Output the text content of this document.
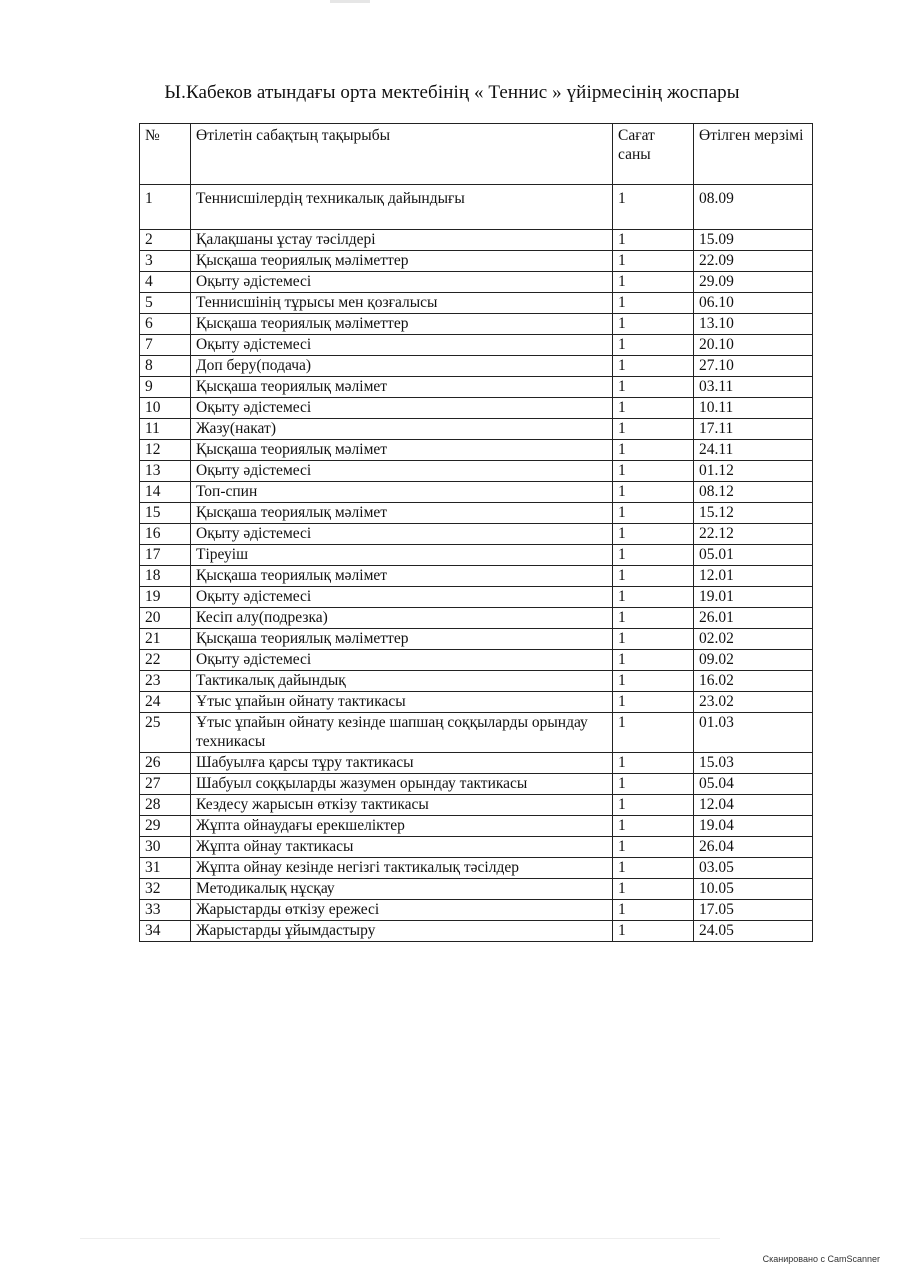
Ы.Кабеков атындағы орта мектебінің « Теннис » үйірмесінің жоспары
№	Өтілетін сабақтың тақырыбы	Сағат саны	Өтілген мерзімі
1	Теннисшілердің техникалық дайындығы	1	08.09
2	Қалақшаны ұстау тәсілдері	1	15.09
3	Қысқаша теориялық мәліметтер	1	22.09
4	Оқыту әдістемесі	1	29.09
5	Теннисшінің тұрысы мен қозғалысы	1	06.10
6	Қысқаша теориялық мәліметтер	1	13.10
7	Оқыту әдістемесі	1	20.10
8	Доп беру(подача)	1	27.10
9	Қысқаша теориялық мәлімет	1	03.11
10	Оқыту әдістемесі	1	10.11
11	Жазу(накат)	1	17.11
12	Қысқаша теориялық мәлімет	1	24.11
13	Оқыту әдістемесі	1	01.12
14	Топ-спин	1	08.12
15	Қысқаша теориялық мәлімет	1	15.12
16	Оқыту әдістемесі	1	22.12
17	Тіреуіш	1	05.01
18	Қысқаша теориялық мәлімет	1	12.01
19	Оқыту әдістемесі	1	19.01
20	Кесіп алу(подрезка)	1	26.01
21	Қысқаша теориялық мәліметтер	1	02.02
22	Оқыту әдістемесі	1	09.02
23	Тактикалық дайындық	1	16.02
24	Ұтыс ұпайын ойнату тактикасы	1	23.02
25	Ұтыс ұпайын ойнату кезінде шапшаң соққыларды орындау техникасы	1	01.03
26	Шабуылға қарсы тұру тактикасы	1	15.03
27	Шабуыл соққыларды жазумен орындау тактикасы	1	05.04
28	Кездесу жарысын өткізу тактикасы	1	12.04
29	Жұпта ойнаудағы ерекшеліктер	1	19.04
30	Жұпта ойнау тактикасы	1	26.04
31	Жұпта ойнау кезінде негізгі тактикалық тәсілдер	1	03.05
32	Методикалық нұсқау	1	10.05
33	Жарыстарды өткізу ережесі	1	17.05
34	Жарыстарды ұйымдастыру	1	24.05
Сканировано с CamScanner
